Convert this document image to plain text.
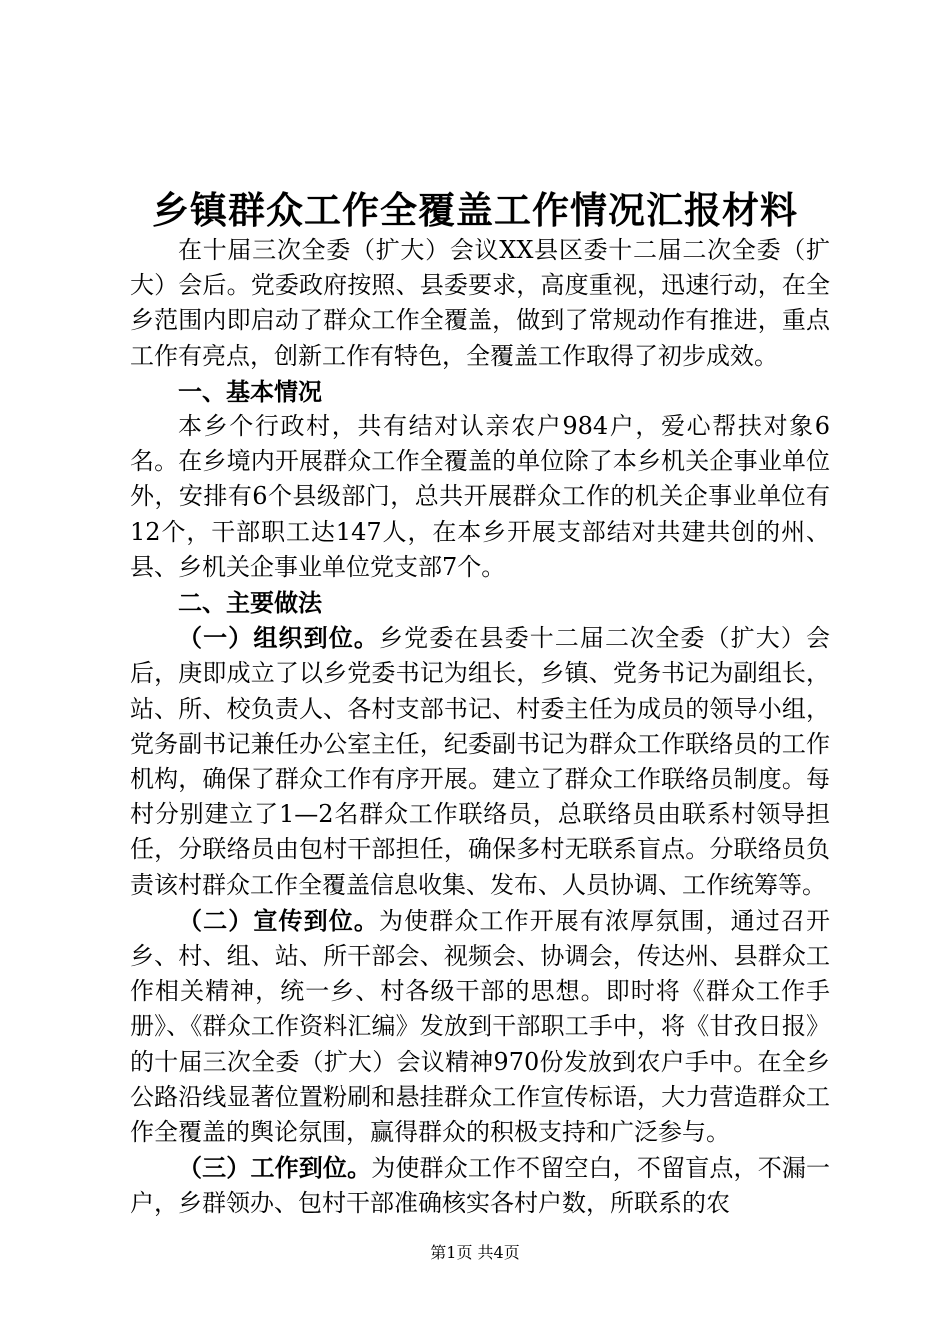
乡镇群众工作全覆盖工作情况汇报材料

在十届三次全委（扩大）会议XX县区委十二届二次全委（扩大）会后。党委政府按照、县委要求，高度重视，迅速行动，在全乡范围内即启动了群众工作全覆盖，做到了常规动作有推进，重点工作有亮点，创新工作有特色，全覆盖工作取得了初步成效。

一、基本情况

本乡个行政村，共有结对认亲农户984户，爱心帮扶对象6名。在乡境内开展群众工作全覆盖的单位除了本乡机关企事业单位外，安排有6个县级部门，总共开展群众工作的机关企事业单位有12个，干部职工达147人，在本乡开展支部结对共建共创的州、县、乡机关企事业单位党支部7个。

二、主要做法

（一）组织到位。乡党委在县委十二届二次全委（扩大）会后，庚即成立了以乡党委书记为组长，乡镇、党务书记为副组长，站、所、校负责人、各村支部书记、村委主任为成员的领导小组，党务副书记兼任办公室主任，纪委副书记为群众工作联络员的工作机构，确保了群众工作有序开展。建立了群众工作联络员制度。每村分别建立了1—2名群众工作联络员，总联络员由联系村领导担任，分联络员由包村干部担任，确保多村无联系盲点。分联络员负责该村群众工作全覆盖信息收集、发布、人员协调、工作统筹等。

（二）宣传到位。为使群众工作开展有浓厚氛围，通过召开乡、村、组、站、所干部会、视频会、协调会，传达州、县群众工作相关精神，统一乡、村各级干部的思想。即时将《群众工作手册》、《群众工作资料汇编》发放到干部职工手中，将《甘孜日报》的十届三次全委（扩大）会议精神970份发放到农户手中。在全乡公路沿线显著位置粉刷和悬挂群众工作宣传标语，大力营造群众工作全覆盖的舆论氛围，赢得群众的积极支持和广泛参与。

（三）工作到位。为使群众工作不留空白，不留盲点，不漏一户，乡群领办、包村干部准确核实各村户数，所联系的农

第1页 共4页
